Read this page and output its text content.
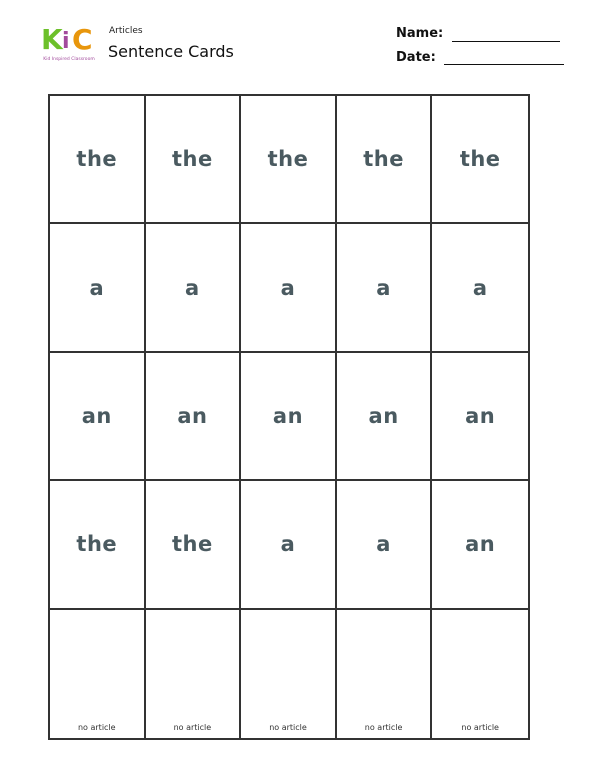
K i C
Kid Inspired Classroom
Articles
Sentence Cards
Name:
Date:
the	the	the	the	the
a	a	a	a	a
an	an	an	an	an
the	the	a	a	an
no article	no article	no article	no article	no article
